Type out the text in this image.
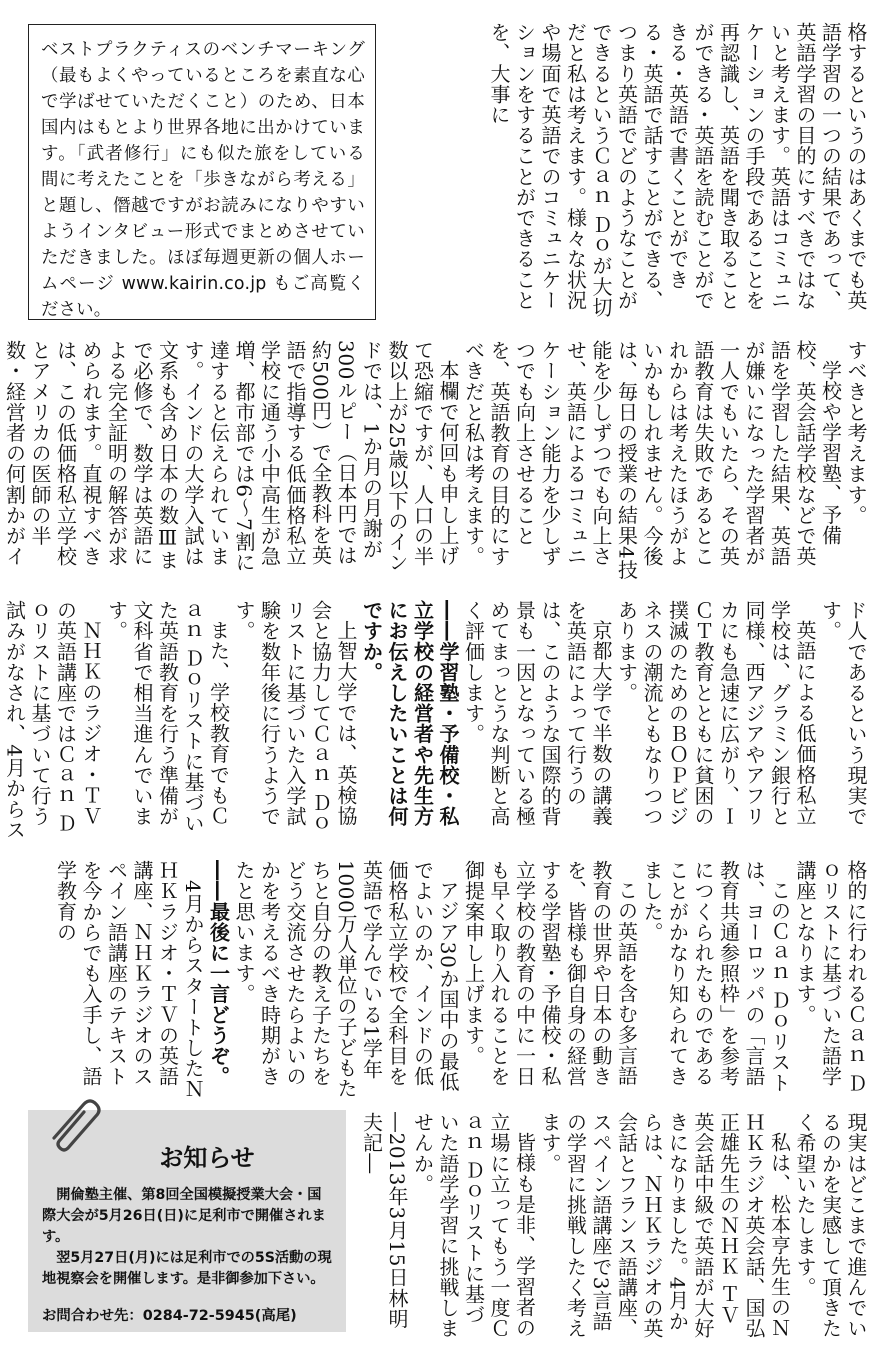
ベストプラクティスのベンチマーキング（最もよくやっているところを素直な心で学ばせていただくこと）のため、日本国内はもとより世界各地に出かけています。「武者修行」にも似た旅をしている間に考えたことを「歩きながら考える」と題し、僭越ですがお読みになりやすいようインタビュー形式でまとめさせていただきました。ほぼ毎週更新の個人ホームページ www.kairin.co.jp もご高覧ください。	格するというのはあくまでも英語学習の一つの結果であって、英語学習の目的にすべきではないと考えます。英語はコミュニケーションの手段であることを再認識し、英語を聞き取ることができる・英語を読むことができる・英語で書くことができる・英語で話すことができる、つまり英語でどのようなことができるというＣａｎ Ｄｏが大切だと私は考えます。様々な状況や場面で英語でのコミュニケーションをすることができることを、大事に

すべきと考えます。

学校や学習塾、予備校、英会話学校などで英語を学習した結果、英語が嫌いになった学習者が一人でもいたら、その英語教育は失敗であるとこれからは考えたほうがよいかもしれません。今後は、毎日の授業の結果4技能を少しずつでも向上させ、英語によるコミュニケーション能力を少しずつでも向上させることを、英語教育の目的にすべきだと私は考えます。

本欄で何回も申し上げて恐縮ですが、人口の半数以上が25歳以下のインドでは、1か月の月謝が300ルピー（日本円では約500円）で全教科を英語で指導する低価格私立学校に通う小中高生が急増、都市部では6〜7割に達すると伝えられています。インドの大学入試は文系も含め日本の数Ⅲまで必修で、数学は英語による完全証明の解答が求められます。直視すべきは、この低価格私立学校とアメリカの医師の半数・経営者の何割かがイ

ド人であるという現実です。

英語による低価格私立学校は、グラミン銀行と同様、西アジアやアフリカにも急速に広がり、ＩＣＴ教育とともに貧困の撲滅のためのＢＯＰビジネスの潮流ともなりつつあります。

京都大学で半数の講義を英語によって行うのは、このような国際的背景も一因となっている極めてまっとうな判断と高く評価します。

――学習塾・予備校・私立学校の経営者や先生方にお伝えしたいことは何ですか。

上智大学では、英検協会と協力してＣａｎ Ｄｏリストに基づいた入学試験を数年後に行うようです。

また、学校教育でもＣａｎ Ｄｏリストに基づいた英語教育を行う準備が文科省で相当進んでいます。

ＮＨＫのラジオ・ＴＶの英語講座ではＣａｎ Ｄｏリストに基づいて行う試みがなされ、4月からス

格的に行われるＣａｎ Ｄｏリストに基づいた語学講座となります。

このＣａｎ Ｄｏリストは、ヨーロッパの「言語教育共通参照枠」を参考につくられたものであることがかなり知られてきました。

この英語を含む多言語教育の世界や日本の動きを、皆様も御自身の経営する学習塾・予備校・私立学校の教育の中に一日も早く取り入れることを御提案申し上げます。

アジア30か国中の最低でよいのか、インドの低価格私立学校で全科目を英語で学んでいる1学年1000万人単位の子どもたちと自分の教え子たちをどう交流させたらよいのかを考えるべき時期がきたと思います。

――最後に一言どうぞ。

4月からスタートしたＮＨＫラジオ・ＴＶの英語講座、ＮＨＫラジオのスペイン語講座のテキストを今からでも入手し、語学教育の

現実はどこまで進んでいるのかを実感して頂きたく希望いたします。

私は、松本亨先生のＮＨＫラジオ英会話、国弘正雄先生のＮＨＫ ＴＶ英会話中級で英語が大好きになりました。4月からは、ＮＨＫラジオの英会話とフランス語講座、スペイン語講座で3言語の学習に挑戦したく考えます。

皆様も是非、学習者の立場に立ってもう一度Ｃａｎ Ｄｏリストに基づいた語学学習に挑戦しませんか。

―2013年3月15日林明夫記―

お知らせ

開倫塾主催、第8回全国模擬授業大会・国際大会が5月26日(日)に足利市で開催されます。
翌5月27日(月)には足利市での5S活動の現地視察会を開催します。是非御参加下さい。

お問合わせ先：0284-72-5945(高尾)
